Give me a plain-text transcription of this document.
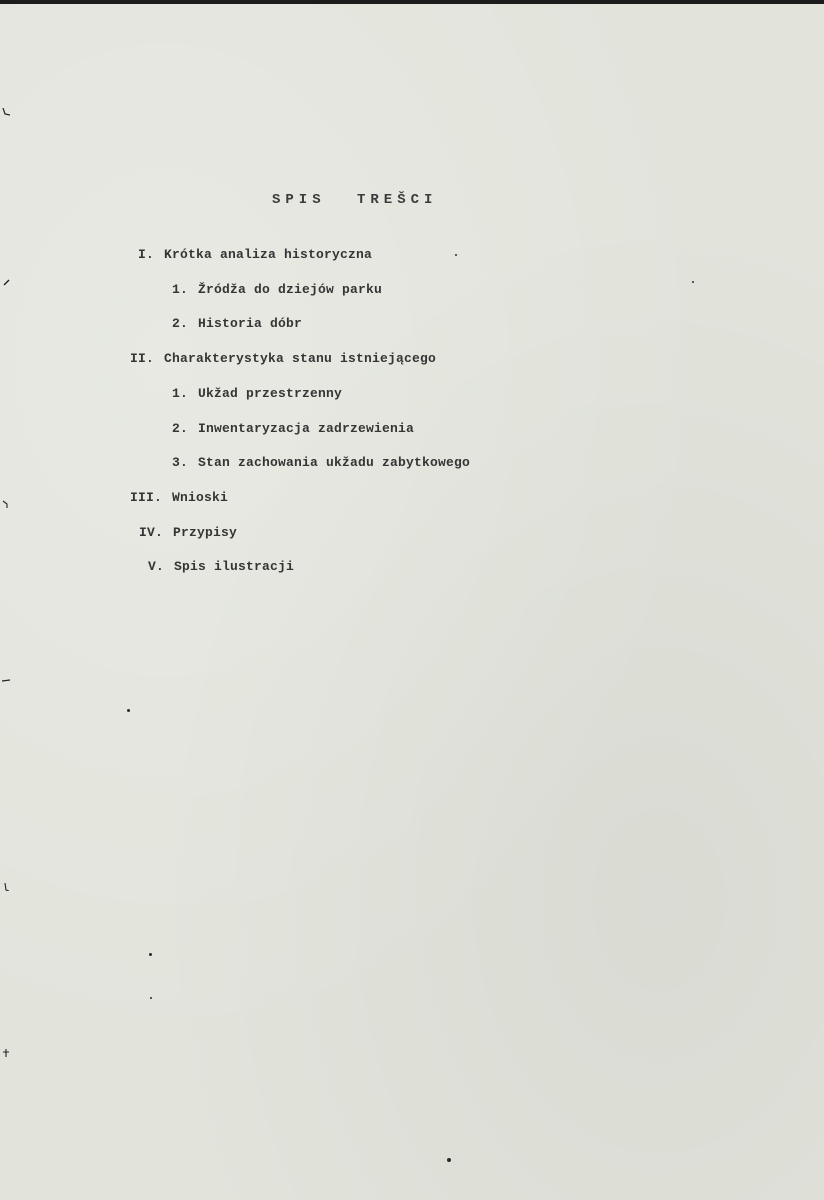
SPIS TREŠCI

I. Krótka analiza historyczna

1. Žródža do dziejów parku

2. Historia dóbr

II. Charakterystyka stanu istniejącego

1. Ukžad przestrzenny

2. Inwentaryzacja zadrzewienia

3. Stan zachowania ukžadu zabytkowego

III. Wnioski

IV. Przypisy

V. Spis ilustracji
